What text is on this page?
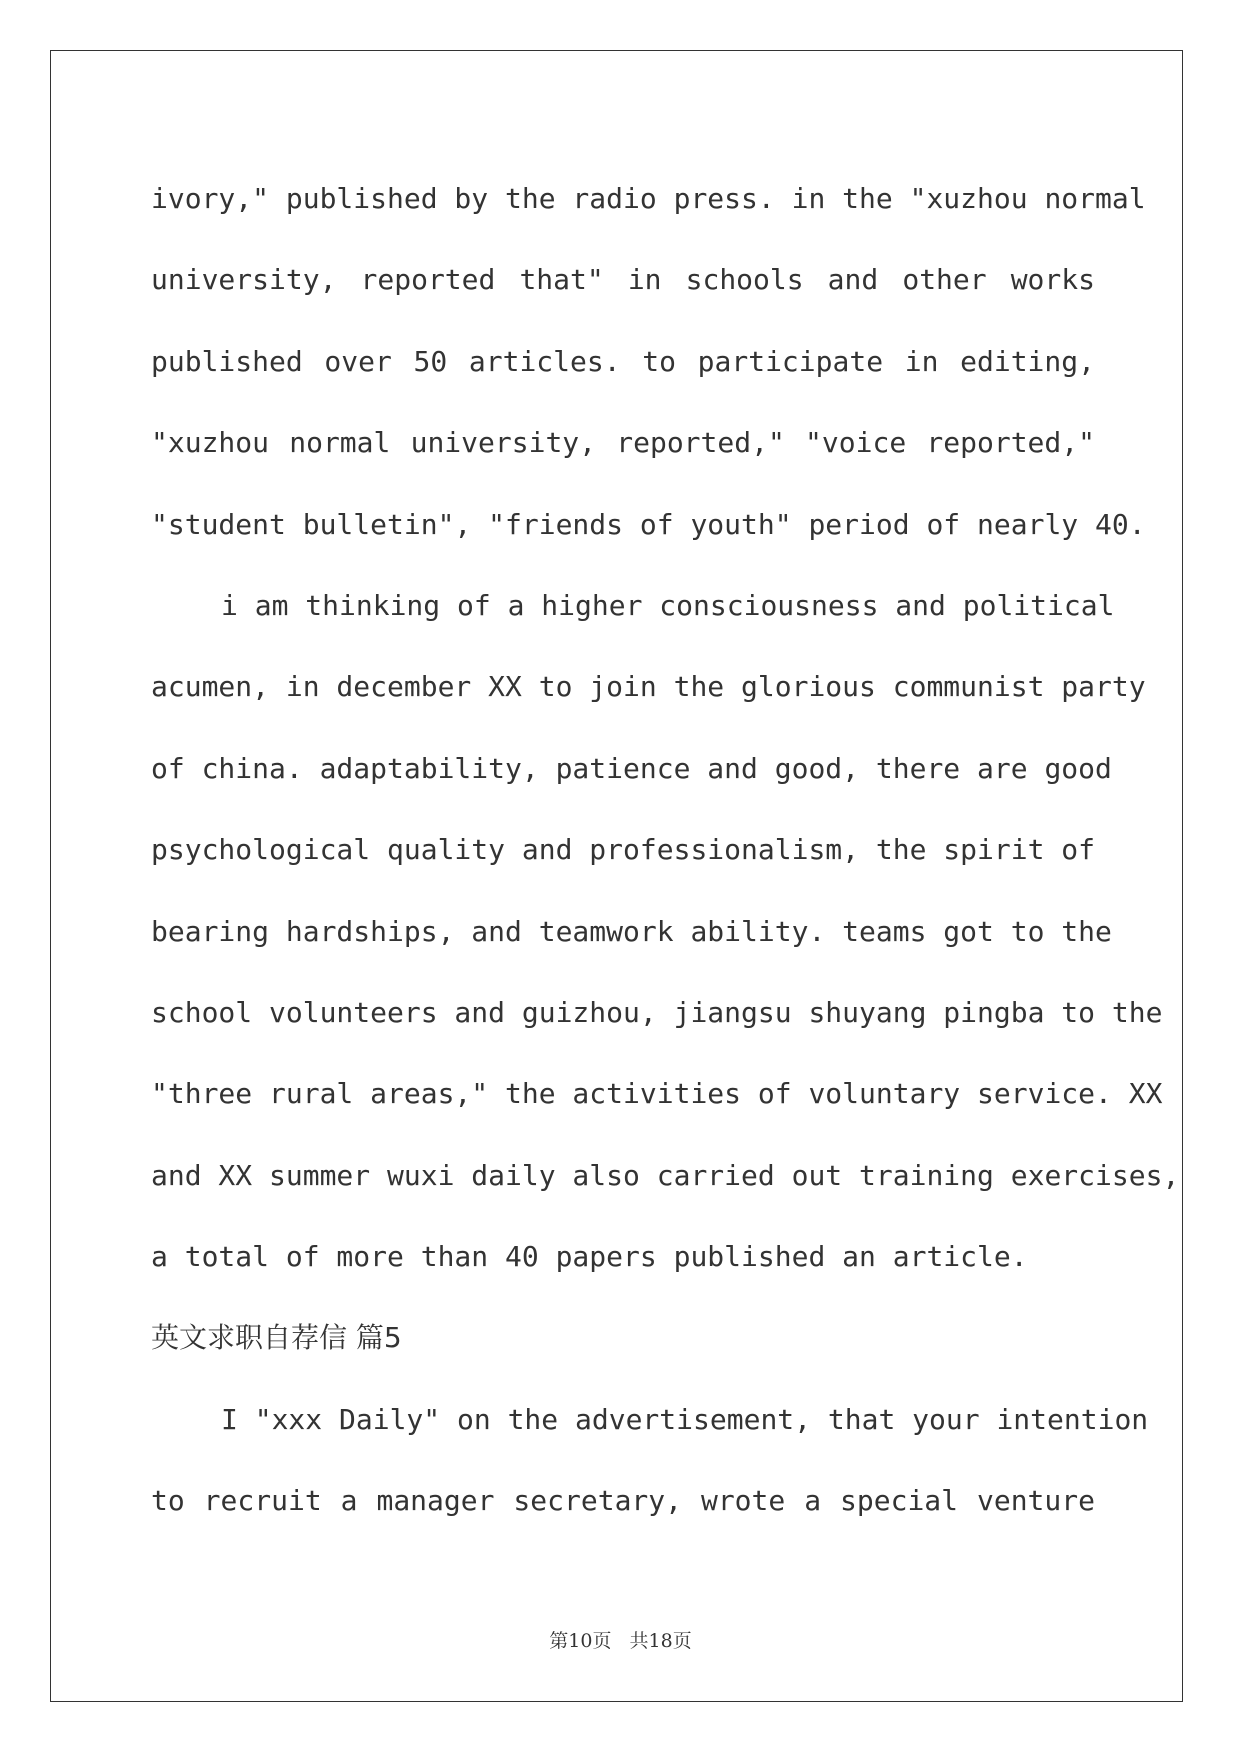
ivory," published by the radio press. in the "xuzhou normal
university, reported that" in schools and other works
published over 50 articles. to participate in editing,
"xuzhou normal university, reported," "voice reported,"
"student bulletin", "friends of youth" period of nearly 40.
i am thinking of a higher consciousness and political
acumen, in december XX to join the glorious communist party
of china. adaptability, patience and good, there are good
psychological quality and professionalism, the spirit of
bearing hardships, and teamwork ability. teams got to the
school volunteers and guizhou, jiangsu shuyang pingba to the
"three rural areas," the activities of voluntary service. XX
and XX summer wuxi daily also carried out training exercises,
a total of more than 40 papers published an article.
英文求职自荐信 篇5
I "xxx Daily" on the advertisement, that your intention
to recruit a manager secretary, wrote a special venture
第10页 共18页
